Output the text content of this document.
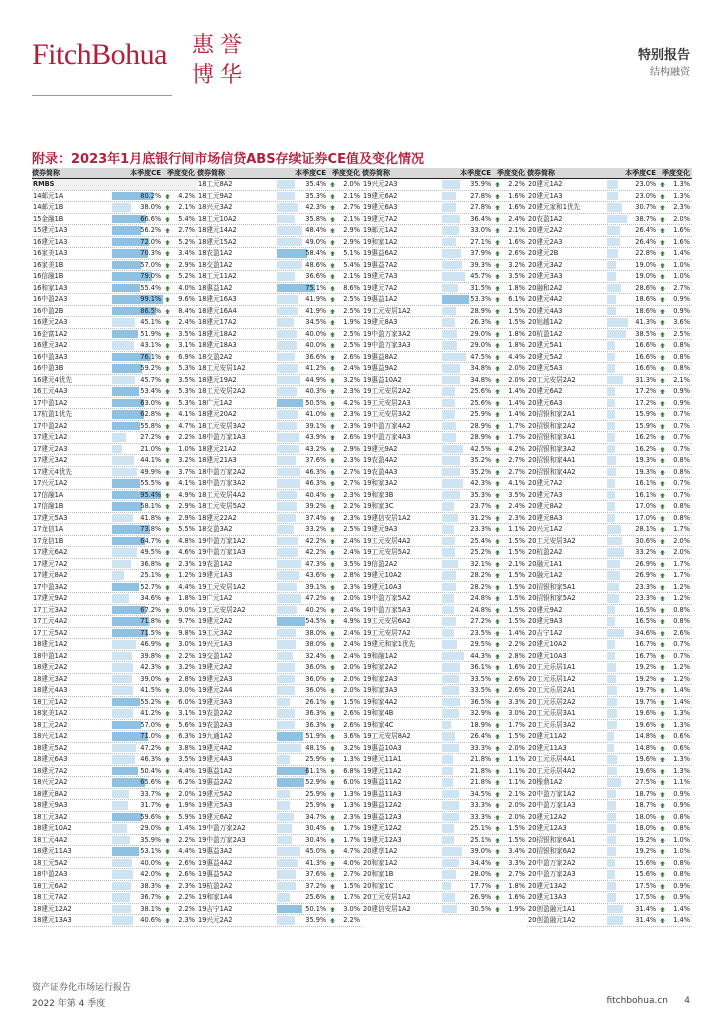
FitchBohua 惠 誉
博 华
特别报告
结构融资
附录：2023年1月底银行间市场信贷ABS存续证券CE值及变化情况
债券简称	本季度CE 季度变化
RMBS
14邮元1A	80.2%	4.2%
14邮元1B	38.0%	2.1%
15金融1B	66.6%	5.4%
15建元1A3	56.2%	2.7%
16建元1A3	72.0%	5.2%
16家美1A3	70.3%	3.4%
16家美1B	57.0%	2.9%
16信融1B	79.0%	5.2%
16和家1A3	55.4%	4.0%
16中盈2A3	99.1%	9.6%
16中盈2B	86.5%	8.4%
16建元2A3	45.1%	2.4%
16企富1A2	51.9%	3.5%
16建元3A2	43.1%	3.1%
16中盈3A3	76.1%	6.9%
16中盈3B	59.2%	5.3%
16建元4优先	45.7%	3.5%
16工元4A3	53.4%	5.3%
17中盈1A2	63.0%	5.3%
17杭盈1优先	62.8%	4.1%
17中盈2A2	55.8%	4.7%
17建元1A2	27.2%	2.2%
17建元2A3	21.0%	1.0%
17建元3A2	44.1%	3.2%
17建元4优先	49.9%	3.7%
17兴元1A2	55.5%	4.1%
17信融1A	95.4%	4.9%
17信融1B	58.1%	2.9%
17建元5A3	41.8%	2.9%
17龙信1A	73.8%	5.5%
17龙信1B	64.7%	4.8%
17建元6A2	49.5%	4.6%
17建元7A2	36.8%	2.3%
17建元8A2	25.1%	1.2%
17中盈3A2	52.7%	4.4%
17建元9A2	34.6%	1.8%
17工元3A2	67.2%	9.0%
17工元4A2	71.8%	9.7%
17工元5A2	71.5%	9.8%
18建元1A2	46.9%	3.0%
18中盈1A2	39.8%	2.2%
18建元2A2	42.3%	3.2%
18建元3A2	39.0%	2.8%
18建元4A3	41.5%	3.0%
18工元1A2	55.2%	6.0%
18家美1A2	41.2%	3.1%
18工元2A2	57.0%	5.6%
18兴元1A2	71.0%	6.3%
18建元5A2	47.2%	3.8%
18建元6A3	46.3%	3.5%
18建元7A2	50.4%	4.4%
18兴元2A2	65.6%	6.2%
18建元8A2	33.7%	2.0%
18建元9A3	31.7%	1.9%
18工元3A2	59.6%	5.9%
18建元10A2	29.0%	1.4%
18工元4A2	35.9%	2.2%
18建元11A3	53.1%	4.4%
18工元5A2	40.0%	2.6%
18中盈2A3	42.0%	2.6%
18工元6A2	38.3%	2.3%
18工元7A2	36.7%	2.2%
18建元12A2	38.1%	2.2%
18建元13A3	40.6%	2.3%
债券简称	本季度CE 季度变化
18工元8A2	35.4%	2.0%
18工元9A2	35.3%	2.1%
18兴元3A2	42.3%	2.7%
18工元10A2	35.8%	2.1%
18建元14A2	48.4%	2.9%
18建元15A2	49.0%	2.9%
18农盈1A2	58.4%	5.1%
18交盈1A2	48.6%	5.4%
18工元11A2	36.6%	2.1%
18惠益1A2	75.1%	8.6%
18建元16A3	41.9%	2.5%
18建元16A4	41.9%	2.5%
18建元17A2	34.5%	1.9%
18建元18A2	40.0%	2.5%
18建元18A3	40.0%	2.5%
18交盈2A2	36.6%	2.6%
18工元安居1A2	41.2%	2.4%
18建元19A2	44.9%	3.2%
18工元安居2A2	40.3%	2.3%
18广元1A2	50.5%	4.2%
18建元20A2	41.0%	2.3%
18工元安居3A2	39.1%	2.3%
18中盈万家1A3	43.9%	2.6%
18建元21A2	43.2%	2.9%
18建元21A3	37.6%	2.3%
18中盈万家2A2	46.3%	2.7%
18中盈万家3A2	46.3%	2.7%
18工元安居4A2	40.4%	2.3%
18工元安居5A2	39.2%	2.2%
18建元22A2	37.4%	2.3%
18交盈3A2	33.2%	2.5%
19中盈万家1A2	42.2%	2.4%
19中盈万家1A3	42.2%	2.4%
19农盈1A2	47.3%	3.5%
19建元1A3	43.6%	2.8%
19工元安居1A2	39.1%	2.3%
19广元1A2	47.2%	2.0%
19工元安居2A2	40.2%	2.4%
19建元2A2	54.5%	4.9%
19工元3A2	38.0%	2.4%
19兴元1A3	38.0%	2.4%
19交盈1A2	32.4%	2.4%
19建元2A2	36.0%	2.0%
19建元2A3	36.0%	2.0%
19建元2A4	36.0%	2.0%
19建元3A3	26.1%	1.5%
19农盈2A2	36.3%	2.6%
19农盈2A3	36.3%	2.6%
19九通1A2	51.9%	3.6%
19建元4A2	48.1%	3.2%
19建元4A3	25.9%	1.3%
19惠益1A2	61.1%	6.8%
19惠益2A2	52.9%	6.0%
19建元5A2	25.9%	1.3%
19建元5A3	25.9%	1.3%
19建元6A2	34.7%	2.3%
19中盈万家2A2	30.4%	1.7%
19中盈万家2A3	30.4%	1.7%
19惠益3A2	45.0%	4.7%
19惠益4A2	41.3%	4.0%
19惠益5A2	37.6%	2.7%
19杭盈2A2	37.2%	1.5%
19和家1A4	25.6%	1.7%
19吉宁1A2	50.1%	3.0%
19兴元2A2	35.9%	2.2%
债券简称	本季度CE 季度变化
19兴元2A3	35.9%	2.2%
19建元6A2	27.8%	1.6%
19建元6A3	27.8%	1.6%
19建元7A2	36.4%	2.4%
19邮元1A2	33.0%	2.1%
19和家1A2	27.1%	1.6%
19惠益6A2	37.9%	2.6%
19惠益7A2	39.3%	3.2%
19建元7A3	45.7%	3.5%
19建元7A2	31.5%	1.8%
19惠益1A2	53.3%	6.1%
19工元安居1A2	28.9%	1.5%
19建元8A3	26.3%	1.5%
19中盈万家3A2	29.0%	1.8%
19中盈万家3A3	29.0%	1.8%
19惠益8A2	47.5%	4.4%
19惠益9A2	34.8%	2.0%
19惠益10A2	34.8%	2.0%
19工元安居2A2	25.6%	1.4%
19工元安居2A3	25.6%	1.4%
19工元安居3A2	25.9%	1.4%
19中盈万家4A2	28.9%	1.7%
19中盈万家4A3	28.9%	1.7%
19建元9A2	42.5%	4.2%
19农盈4A2	35.2%	2.7%
19农盈4A3	35.2%	2.7%
19和家3A2	42.3%	4.1%
19和家3B	35.3%	3.5%
19和家3C	23.7%	2.4%
19建信安居1A2	31.2%	2.3%
19建元9A3	23.3%	1.1%
19工元安居4A2	25.4%	1.5%
19工元安居5A2	25.2%	1.5%
19信盈2A2	32.1%	2.1%
19建元10A2	28.2%	1.5%
19建元10A3	28.2%	1.5%
19中盈万家5A2	24.8%	1.5%
19中盈万家5A3	24.8%	1.5%
19工元安居6A2	27.2%	1.5%
19工元安居7A2	23.5%	1.4%
19建元和家1优先	29.5%	2.2%
19和融1A2	44.3%	2.8%
19和家2A2	36.1%	1.6%
19和家2A3	33.5%	2.6%
19和家3A3	33.5%	2.6%
19和家4A2	36.5%	3.3%
19和家4B	32.9%	3.0%
19和家4C	18.9%	1.7%
19工元安居8A2	26.4%	1.5%
19惠益10A3	33.3%	2.0%
19建元11A1	21.8%	1.1%
19建元11A2	21.8%	1.1%
19惠益11A2	21.8%	1.1%
19惠益11A3	34.5%	2.1%
19惠益12A2	33.3%	2.0%
19惠益12A3	33.3%	2.0%
19建元12A2	25.1%	1.5%
19建元12A3	25.1%	1.5%
20建享1A2	39.0%	3.4%
20和家1A2	34.4%	3.3%
20和家1B	28.0%	2.7%
20和家1C	17.7%	1.8%
20工元安居1A2	26.9%	1.6%
20建信安居1A2	30.5%	1.9%
债券简称	本季度CE 季度变化
20建元1A2	23.0%	1.3%
20建元1A3	23.0%	1.3%
20建元家和1优先	30.7%	2.3%
20农盈1A2	38.7%	2.0%
20建元2A2	26.4%	1.6%
20建元2A3	26.4%	1.6%
20建元2B	22.8%	1.4%
20建元3A2	19.0%	1.0%
20建元3A3	19.0%	1.0%
20融和2A2	28.6%	2.7%
20建元4A2	18.6%	0.9%
20建元4A3	18.6%	0.9%
20旭越1A2	41.3%	3.6%
20杭盈1A2	38.5%	2.5%
20建元5A1	16.6%	0.8%
20建元5A2	16.6%	0.8%
20建元5A3	16.6%	0.8%
20工元安居2A2	31.3%	2.1%
20建元6A2	17.2%	0.9%
20建元6A3	17.2%	0.9%
20招银和家2A1	15.9%	0.7%
20招银和家2A2	15.9%	0.7%
20招银和家3A1	16.2%	0.7%
20招银和家3A2	16.2%	0.7%
20招银和家4A1	19.3%	0.8%
20招银和家4A2	19.3%	0.8%
20建元7A2	16.1%	0.7%
20建元7A3	16.1%	0.7%
20建元8A2	17.0%	0.8%
20建元8A3	17.0%	0.8%
20兴元1A2	28.1%	1.7%
20工元安居3A2	30.6%	2.0%
20杭盈2A2	33.2%	2.0%
20融元1A1	26.9%	1.7%
20融元1A2	26.9%	1.7%
20招银和家5A1	23.3%	1.2%
20招银和家5A2	23.3%	1.2%
20建元9A2	16.5%	0.8%
20建元9A3	16.5%	0.8%
20吉宁1A2	34.6%	2.6%
20建元10A2	16.7%	0.7%
20建元10A3	16.7%	0.7%
20工元乐居1A1	19.2%	1.2%
20工元乐居1A2	19.2%	1.2%
20工元乐居2A1	19.7%	1.4%
20工元乐居2A2	19.7%	1.4%
20工元乐居3A1	19.6%	1.3%
20工元乐居3A2	19.6%	1.3%
20建元11A2	14.8%	0.6%
20建元11A3	14.8%	0.6%
20工元乐居4A1	19.6%	1.3%
20工元乐居4A2	19.6%	1.3%
20橡鼎1A2	27.5%	1.1%
20中盈万家1A2	18.7%	0.9%
20中盈万家1A3	18.7%	0.9%
20建元12A2	18.0%	0.8%
20建元12A3	18.0%	0.8%
20招银和家6A1	19.2%	1.0%
20招银和家6A2	19.2%	1.0%
20中盈万家2A2	15.6%	0.8%
20中盈万家2A3	15.6%	0.8%
20建元13A2	17.5%	0.9%
20建元13A3	17.5%	0.9%
20创盈融元1A1	31.4%	1.4%
20创盈融元1A2	31.4%	1.4%
资产证券化市场运行报告
2022 年第 4 季度	fitchbohua.cn 4
